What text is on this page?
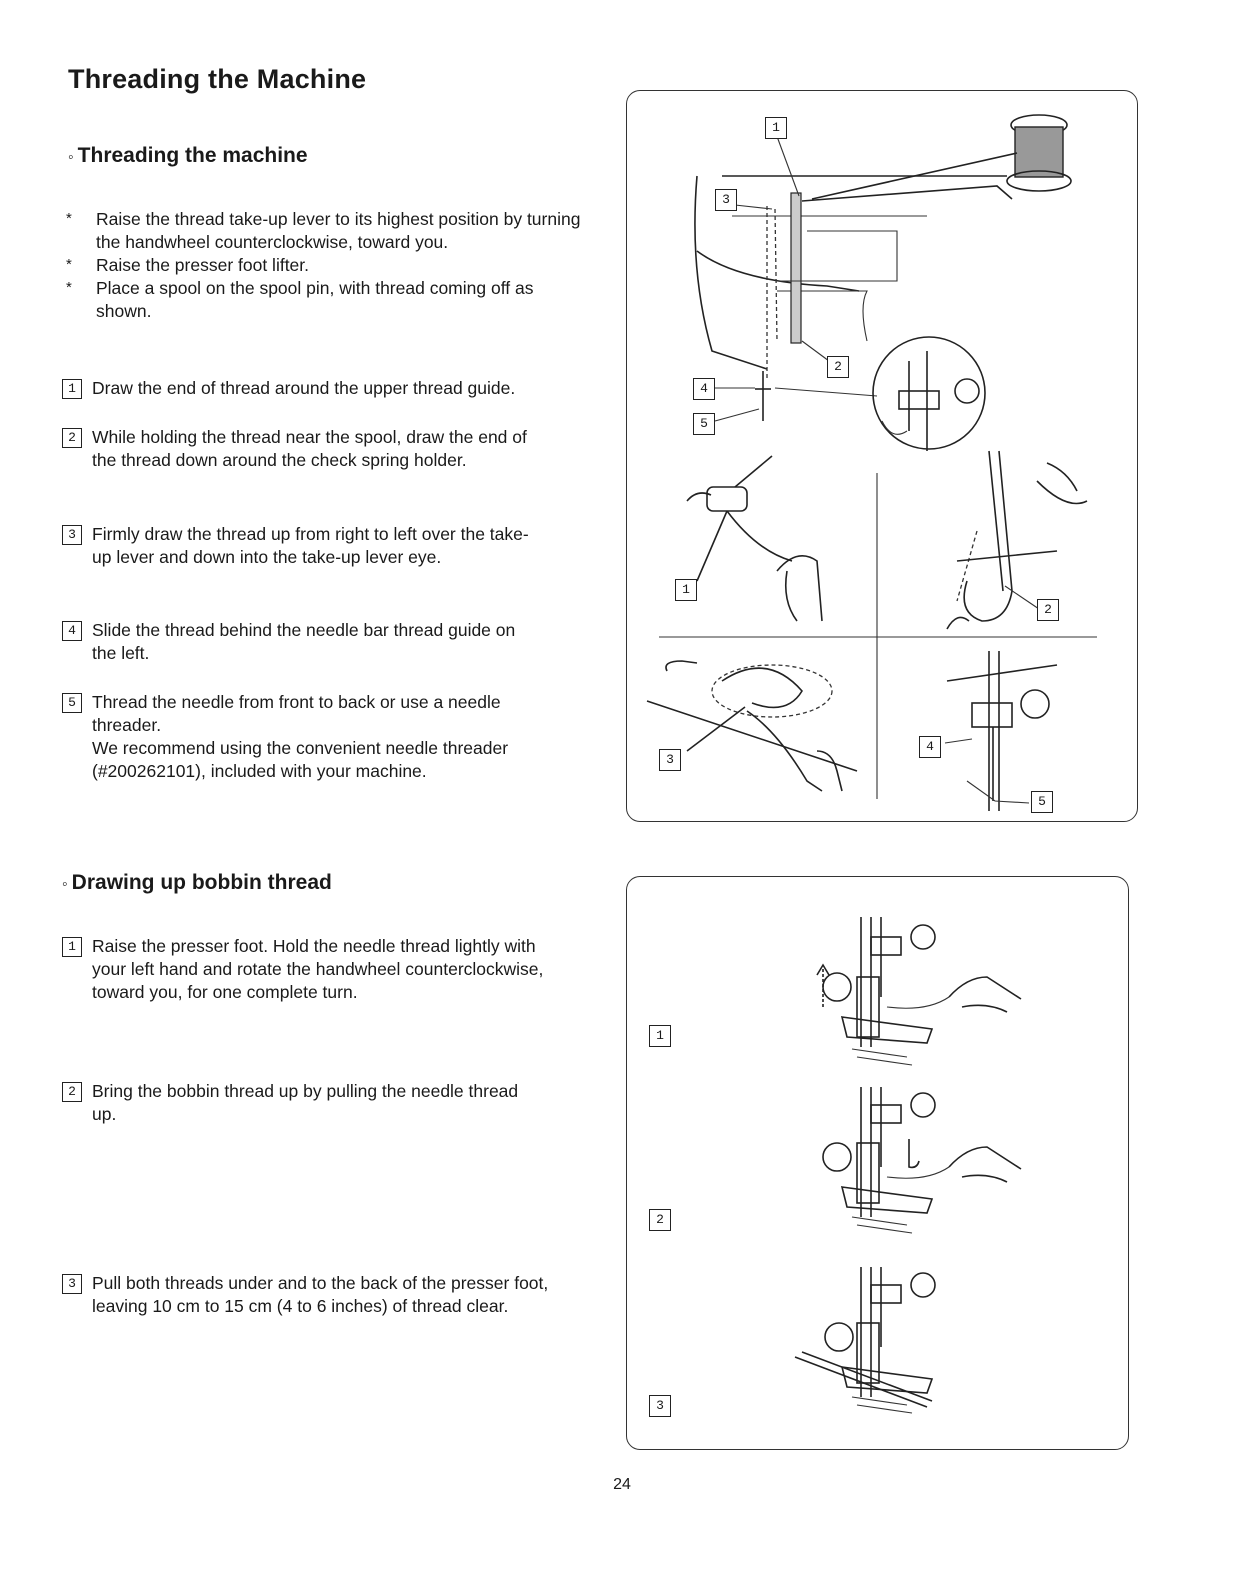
Threading the Machine
◦ Threading the machine
* Raise the thread take-up lever to its highest position by turning the handwheel counterclockwise, toward you.
* Raise the presser foot lifter.
* Place a spool on the spool pin, with thread coming off as shown.
1 Draw the end of thread around the upper thread guide.
2 While holding the thread near the spool, draw the end of the thread down around the check spring holder.
3 Firmly draw the thread up from right to left over the take-up lever and down into the take-up lever eye.
4 Slide the thread behind the needle bar thread guide on the left.
5 Thread the needle from front to back or use a needle threader.
We recommend using the convenient needle threader (#200262101), included with your machine.
1
3
2
4
5
1
2
3
4
5
◦ Drawing up bobbin thread
1 Raise the presser foot. Hold the needle thread lightly with your left hand and rotate the handwheel counterclockwise, toward you, for one complete turn.
2 Bring the bobbin thread up by pulling the needle thread up.
3 Pull both threads under and to the back of the presser foot, leaving 10 cm to 15 cm (4 to 6 inches) of thread clear.
1
2
3
24
